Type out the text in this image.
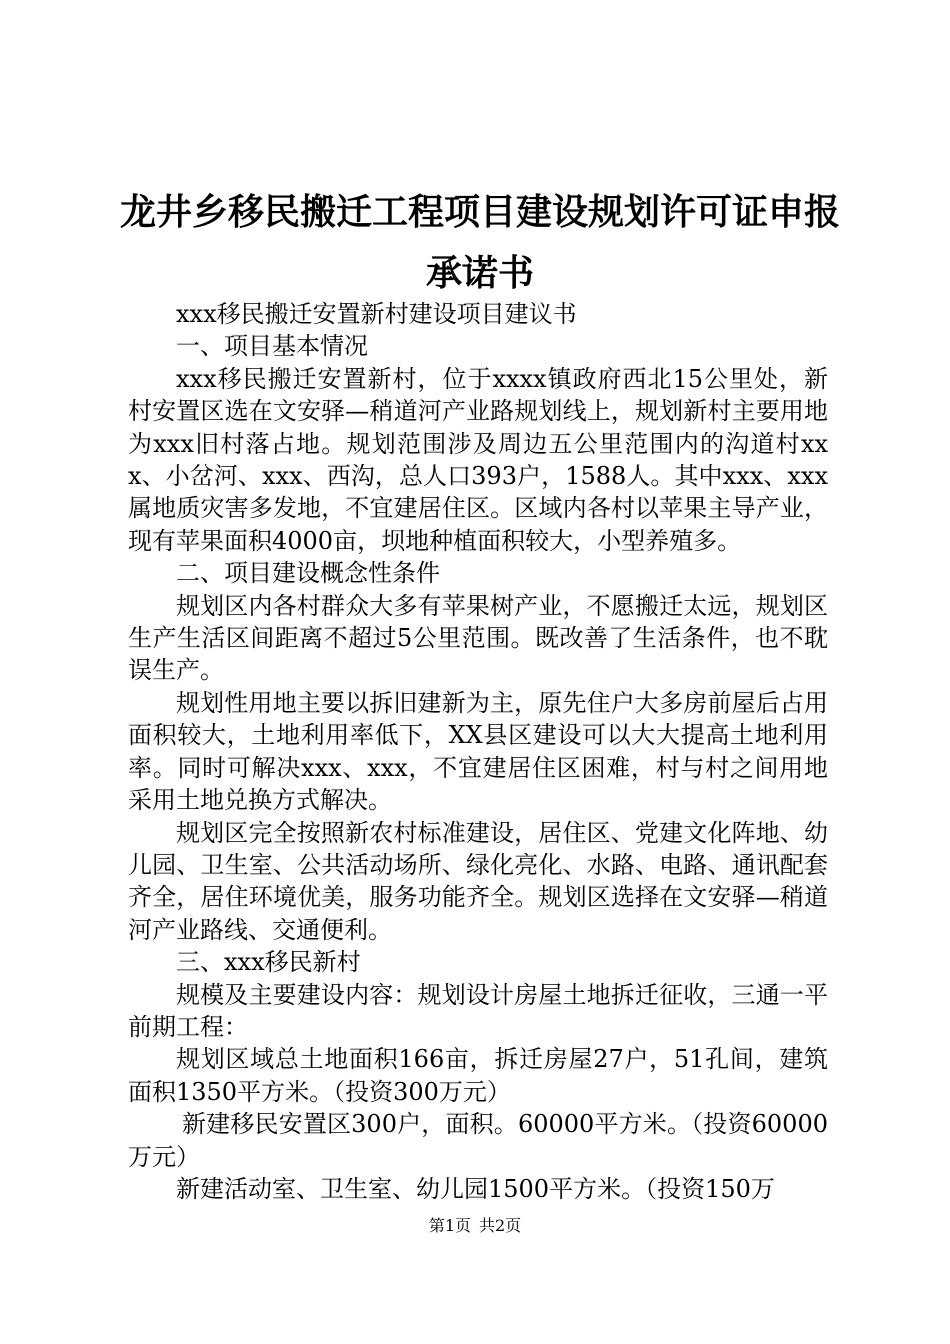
龙井乡移民搬迁工程项目建设规划许可证申报
承诺书

xxx移民搬迁安置新村建设项目建议书

一、项目基本情况

xxx移民搬迁安置新村，位于xxxx镇政府西北15公里处，新村安置区选在文安驿—稍道河产业路规划线上，规划新村主要用地为xxx旧村落占地。规划范围涉及周边五公里范围内的沟道村xxx、小岔河、xxx、西沟，总人口393户，1588人。其中xxx、xxx属地质灾害多发地，不宜建居住区。区域内各村以苹果主导产业，现有苹果面积4000亩，坝地种植面积较大，小型养殖多。

二、项目建设概念性条件

规划区内各村群众大多有苹果树产业，不愿搬迁太远，规划区生产生活区间距离不超过5公里范围。既改善了生活条件，也不耽误生产。

规划性用地主要以拆旧建新为主，原先住户大多房前屋后占用面积较大，土地利用率低下，XX县区建设可以大大提高土地利用率。同时可解决xxx、xxx，不宜建居住区困难，村与村之间用地采用土地兑换方式解决。

规划区完全按照新农村标准建设，居住区、党建文化阵地、幼儿园、卫生室、公共活动场所、绿化亮化、水路、电路、通讯配套齐全，居住环境优美，服务功能齐全。规划区选择在文安驿—稍道河产业路线、交通便利。

三、xxx移民新村

规模及主要建设内容：规划设计房屋土地拆迁征收，三通一平前期工程：

规划区域总土地面积166亩，拆迁房屋27户，51孔间，建筑面积1350平方米。（投资300万元）

新建移民安置区300户，面积。60000平方米。（投资60000万元）

新建活动室、卫生室、幼儿园1500平方米。（投资150万

第1页 共2页
